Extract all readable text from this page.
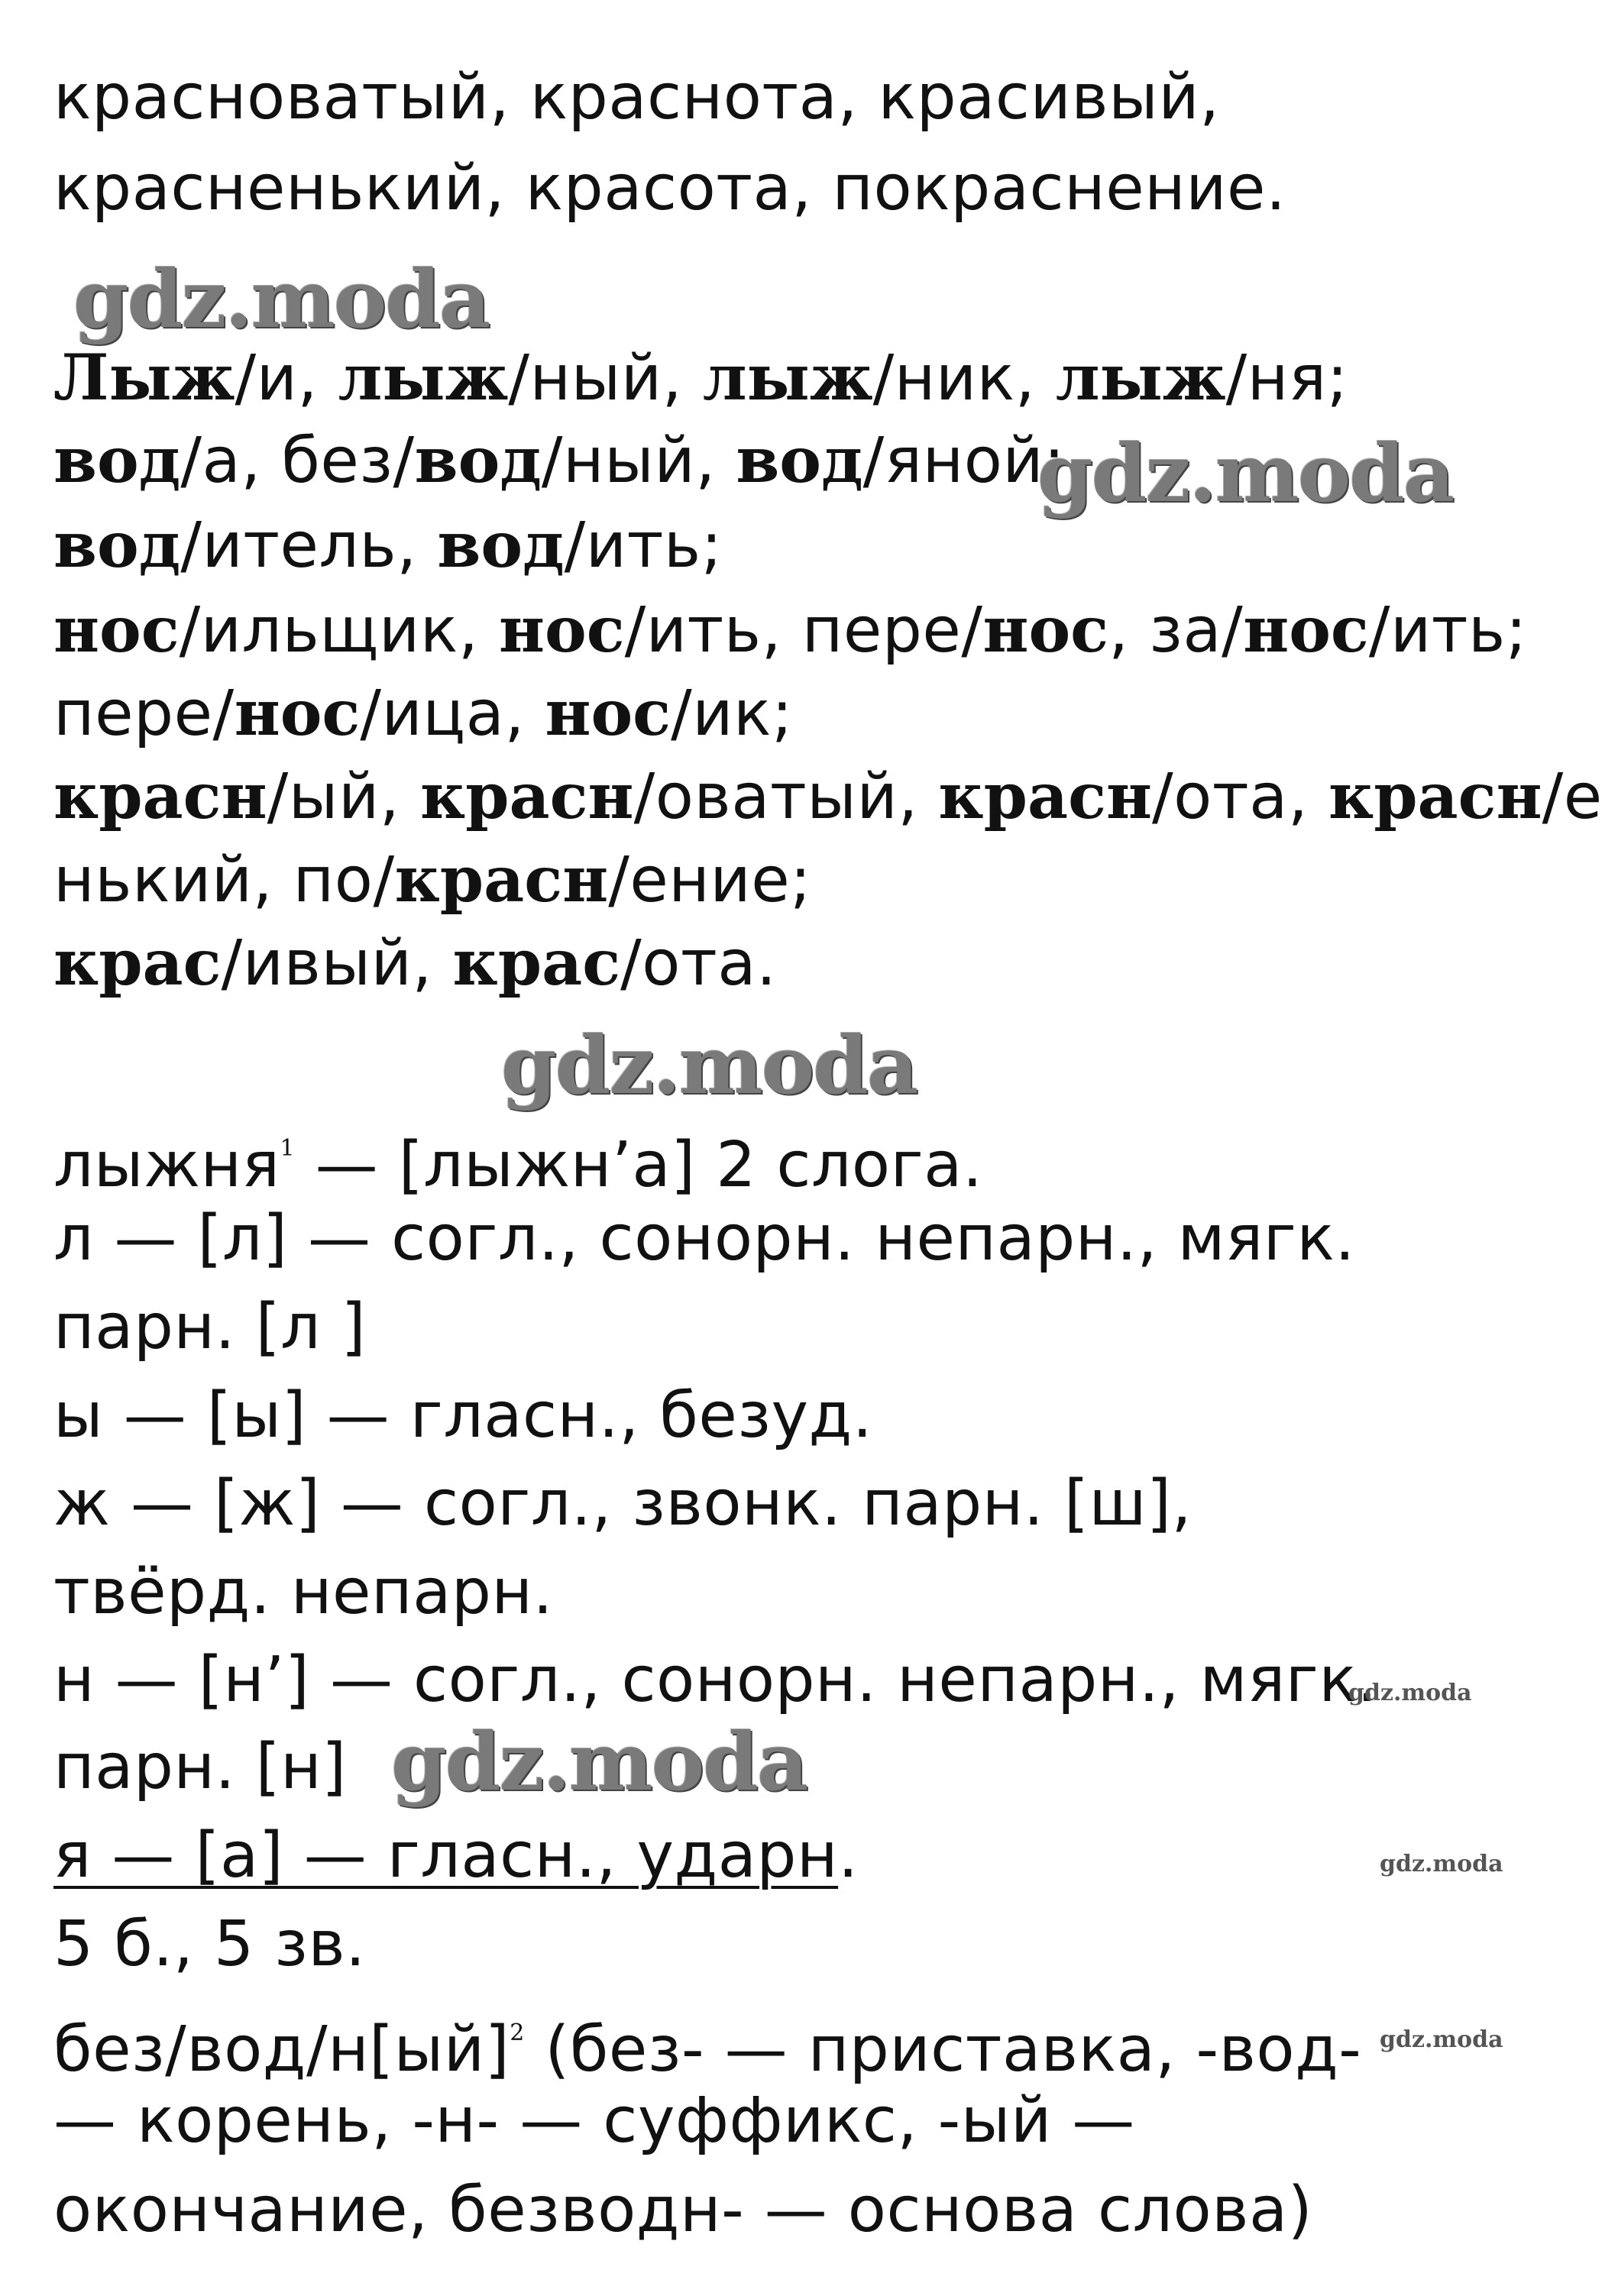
красноватый, краснота, красивый,
красненький, красота, покраснение.
gdz.moda
Лыж/и, лыж/ный, лыж/ник, лыж/ня;
вод/а, без/вод/ный, вод/яной;
gdz.moda
вод/итель, вод/ить;
нос/ильщик, нос/ить, пере/нос, за/нос/ить;
пере/нос/ица, нос/ик;
красн/ый, красн/оватый, красн/ота, красн/е
нький, по/красн/ение;
крас/ивый, крас/ота.
gdz.moda
лыжня$^1$ — [лыжн’а] 2 слога.
л — [л] — согл., сонорн. непарн., мягк.
парн. [л ]
ы — [ы] — гласн., безуд.
ж — [ж] — согл., звонк. парн. [ш],
твёрд. непарн.
н — [н’] — согл., сонорн. непарн., мягк.
gdz.moda
парн. [н] gdz.moda
я — [а] — гласн., ударн.	gdz.moda
5 б., 5 зв.
без/вод/н[ый]$^2$ (без- — приставка, -вод- gdz.moda
— корень, -н- — суффикс, -ый —
окончание, безводн- — основа слова)
